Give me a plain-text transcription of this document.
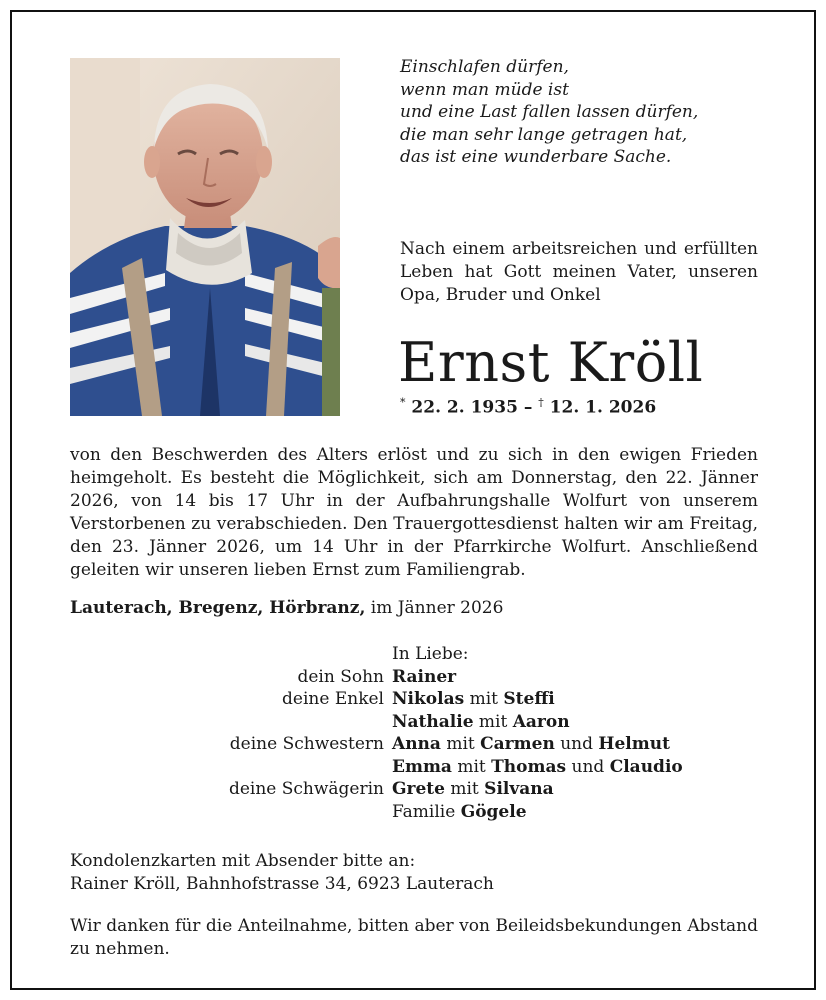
Einschlafen dürfen,
wenn man müde ist
und eine Last fallen lassen dürfen,
die man sehr lange getragen hat,
das ist eine wunderbare Sache.
Nach einem arbeitsreichen und erfüllten Leben hat Gott meinen Vater, unseren Opa, Bruder und Onkel
Ernst Kröll
* 22. 2. 1935 – † 12. 1. 2026
von den Beschwerden des Alters erlöst und zu sich in den ewigen Frieden heimgeholt. Es besteht die Möglichkeit, sich am Donnerstag, den 22. Jänner 2026, von 14 bis 17 Uhr in der Aufbahrungshalle Wolfurt von unserem Verstorbenen zu verabschieden. Den Trauergottesdienst halten wir am Freitag, den 23. Jänner 2026, um 14 Uhr in der Pfarrkirche Wolfurt. Anschließend geleiten wir unseren lieben Ernst zum Familiengrab.
Lauterach, Bregenz, Hörbranz, im Jänner 2026
In Liebe:
dein Sohn Rainer
deine Enkel Nikolas mit Steffi
Nathalie mit Aaron
deine Schwestern Anna mit Carmen und Helmut
Emma mit Thomas und Claudio
deine Schwägerin Grete mit Silvana
Familie Gögele
Kondolenzkarten mit Absender bitte an:
Rainer Kröll, Bahnhofstrasse 34, 6923 Lauterach
Wir danken für die Anteilnahme, bitten aber von Beileidsbekundungen Abstand zu nehmen.
